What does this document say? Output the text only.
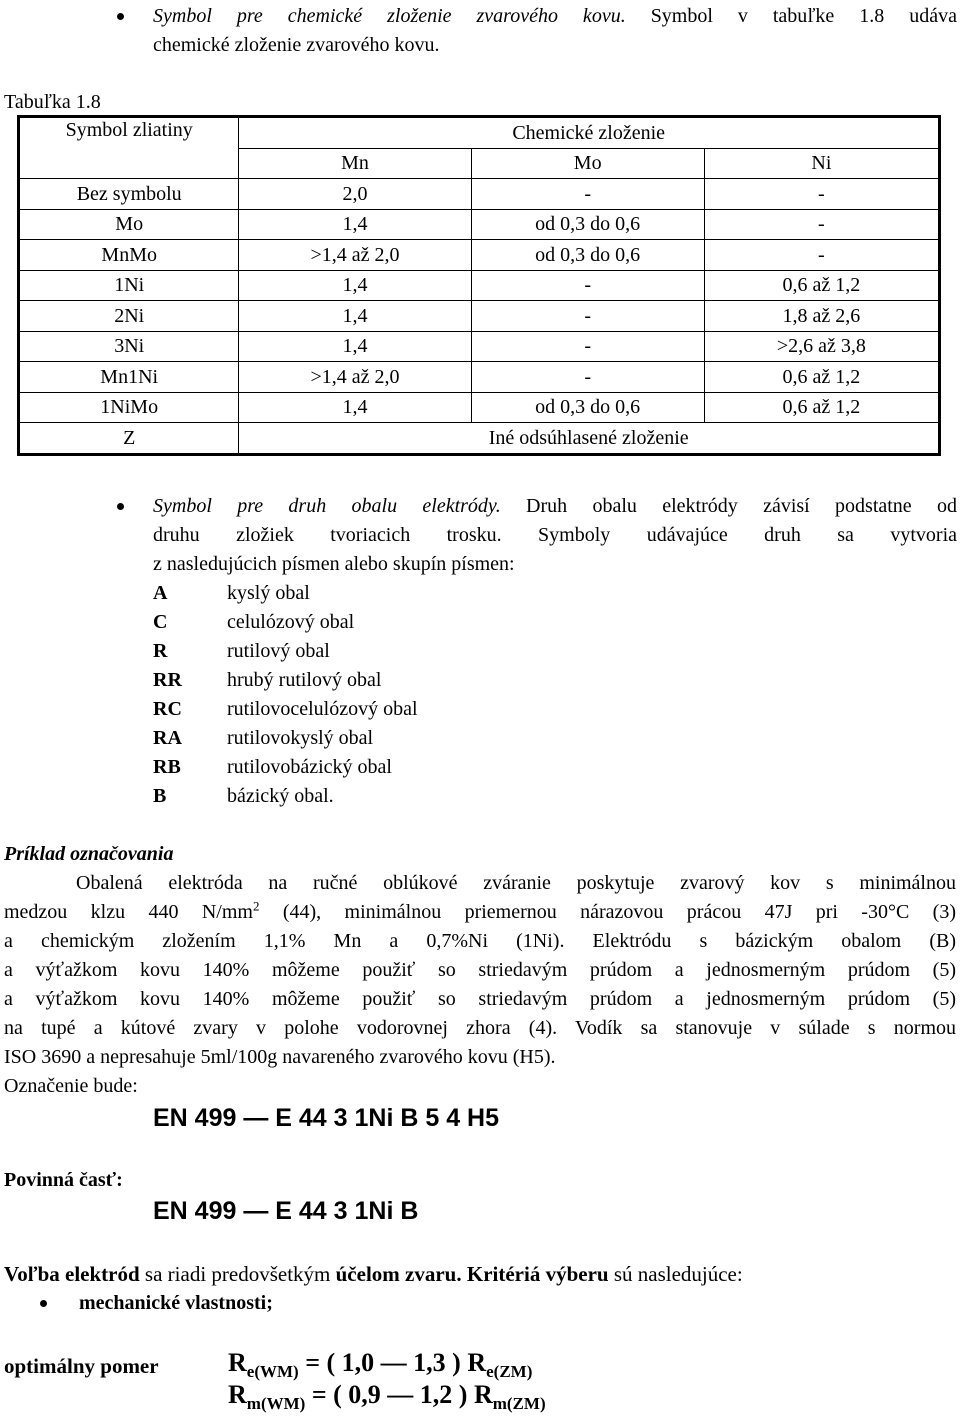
Symbol pre chemické zloženie zvarového kovu. Symbol v tabuľke 1.8 udáva
chemické zloženie zvarového kovu.
Tabuľka 1.8
Symbol zliatiny	Chemické zloženie		
	Mn	Mo	Ni
Bez symbolu	2,0	-	-
Mo	1,4	od 0,3 do 0,6	-
MnMo	>1,4 až 2,0	od 0,3 do 0,6	-
1Ni	1,4	-	0,6 až 1,2
2Ni	1,4	-	1,8 až 2,6
3Ni	1,4	-	>2,6 až 3,8
Mn1Ni	>1,4 až 2,0	-	0,6 až 1,2
1NiMo	1,4	od 0,3 do 0,6	0,6 až 1,2
Z	Iné odsúhlasené zloženie		
Symbol pre druh obalu elektródy. Druh obalu elektródy závisí podstatne od
druhu zložiek tvoriacich trosku. Symboly udávajúce druh sa vytvoria
z nasledujúcich písmen alebo skupín písmen:
A	kyslý obal
C	celulózový obal
R	rutilový obal
RR hrubý rutilový obal
RC rutilovocelulózový obal
RA rutilovokyslý obal
RB rutilovobázický obal
B	bázický obal.
Príklad označovania
Obalená elektróda na ručné oblúkové zváranie poskytuje zvarový kov s minimálnou
medzou klzu 440 $N/mm^2$ (44), minimálnou priemernou nárazovou prácou 47J pri -30°C (3)
a chemickým zložením 1,1% Mn a 0,7%Ni (1Ni). Elektródu s bázickým obalom (B)
a výťažkom kovu 140% môžeme použiť so striedavým prúdom a jednosmerným prúdom (5)
a výťažkom kovu 140% môžeme použiť so striedavým prúdom a jednosmerným prúdom (5)
na tupé a kútové zvary v polohe vodorovnej zhora (4). Vodík sa stanovuje v súlade s normou
ISO 3690 a nepresahuje 5ml/100g navareného zvarového kovu (H5).
Označenie bude:
EN 499 — E 44 3 1Ni B 5 4 H5
Povinná časť:
EN 499 — E 44 3 1Ni B
Voľba elektród sa riadi predovšetkým účelom zvaru. Kritériá výberu sú nasledujúce:
mechanické vlastnosti;
optimálny pomer	$R_{e(WM)}$ = ( 1,0 — 1,3 ) $R_{e(ZM)}$
$R_{m(WM)}$ = ( 0,9 — 1,2 ) $R_{m(ZM)}$
